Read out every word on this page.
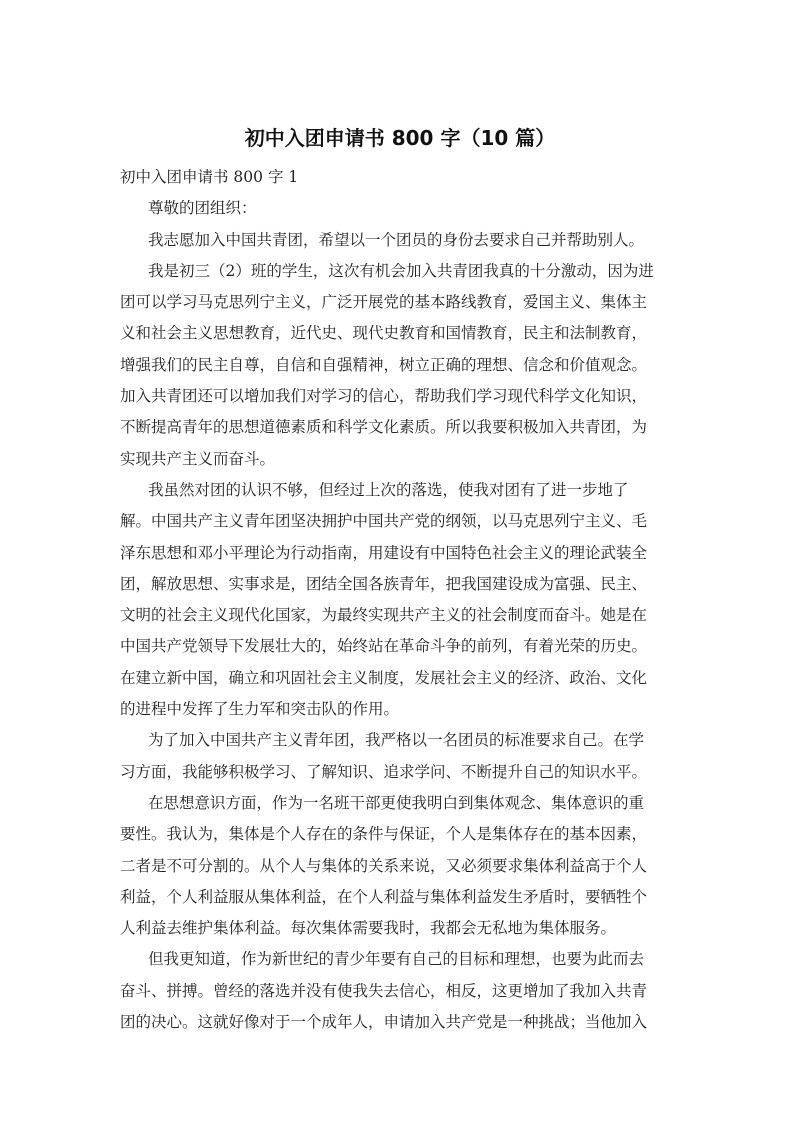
初中入团申请书 800 字（10 篇）
初中入团申请书 800 字 1
尊敬的团组织：
我志愿加入中国共青团，希望以一个团员的身份去要求自己并帮助别人。
我是初三（2）班的学生，这次有机会加入共青团我真的十分激动，因为进
团可以学习马克思列宁主义，广泛开展党的基本路线教育，爱国主义、集体主
义和社会主义思想教育，近代史、现代史教育和国情教育，民主和法制教育，
增强我们的民主自尊，自信和自强精神，树立正确的理想、信念和价值观念。
加入共青团还可以增加我们对学习的信心，帮助我们学习现代科学文化知识，
不断提高青年的思想道德素质和科学文化素质。所以我要积极加入共青团，为
实现共产主义而奋斗。
我虽然对团的认识不够，但经过上次的落选，使我对团有了进一步地了
解。中国共产主义青年团坚决拥护中国共产党的纲领，以马克思列宁主义、毛
泽东思想和邓小平理论为行动指南，用建设有中国特色社会主义的理论武装全
团，解放思想、实事求是，团结全国各族青年，把我国建设成为富强、民主、
文明的社会主义现代化国家，为最终实现共产主义的社会制度而奋斗。她是在
中国共产党领导下发展壮大的，始终站在革命斗争的前列，有着光荣的历史。
在建立新中国，确立和巩固社会主义制度，发展社会主义的经济、政治、文化
的进程中发挥了生力军和突击队的作用。
为了加入中国共产主义青年团，我严格以一名团员的标准要求自己。在学
习方面，我能够积极学习、了解知识、追求学问、不断提升自己的知识水平。
在思想意识方面，作为一名班干部更使我明白到集体观念、集体意识的重
要性。我认为，集体是个人存在的条件与保证，个人是集体存在的基本因素，
二者是不可分割的。从个人与集体的关系来说，又必须要求集体利益高于个人
利益，个人利益服从集体利益，在个人利益与集体利益发生矛盾时，要牺牲个
人利益去维护集体利益。每次集体需要我时，我都会无私地为集体服务。
但我更知道，作为新世纪的青少年要有自己的目标和理想，也要为此而去
奋斗、拼搏。曾经的落选并没有使我失去信心，相反，这更增加了我加入共青
团的决心。这就好像对于一个成年人，申请加入共产党是一种挑战；当他加入
